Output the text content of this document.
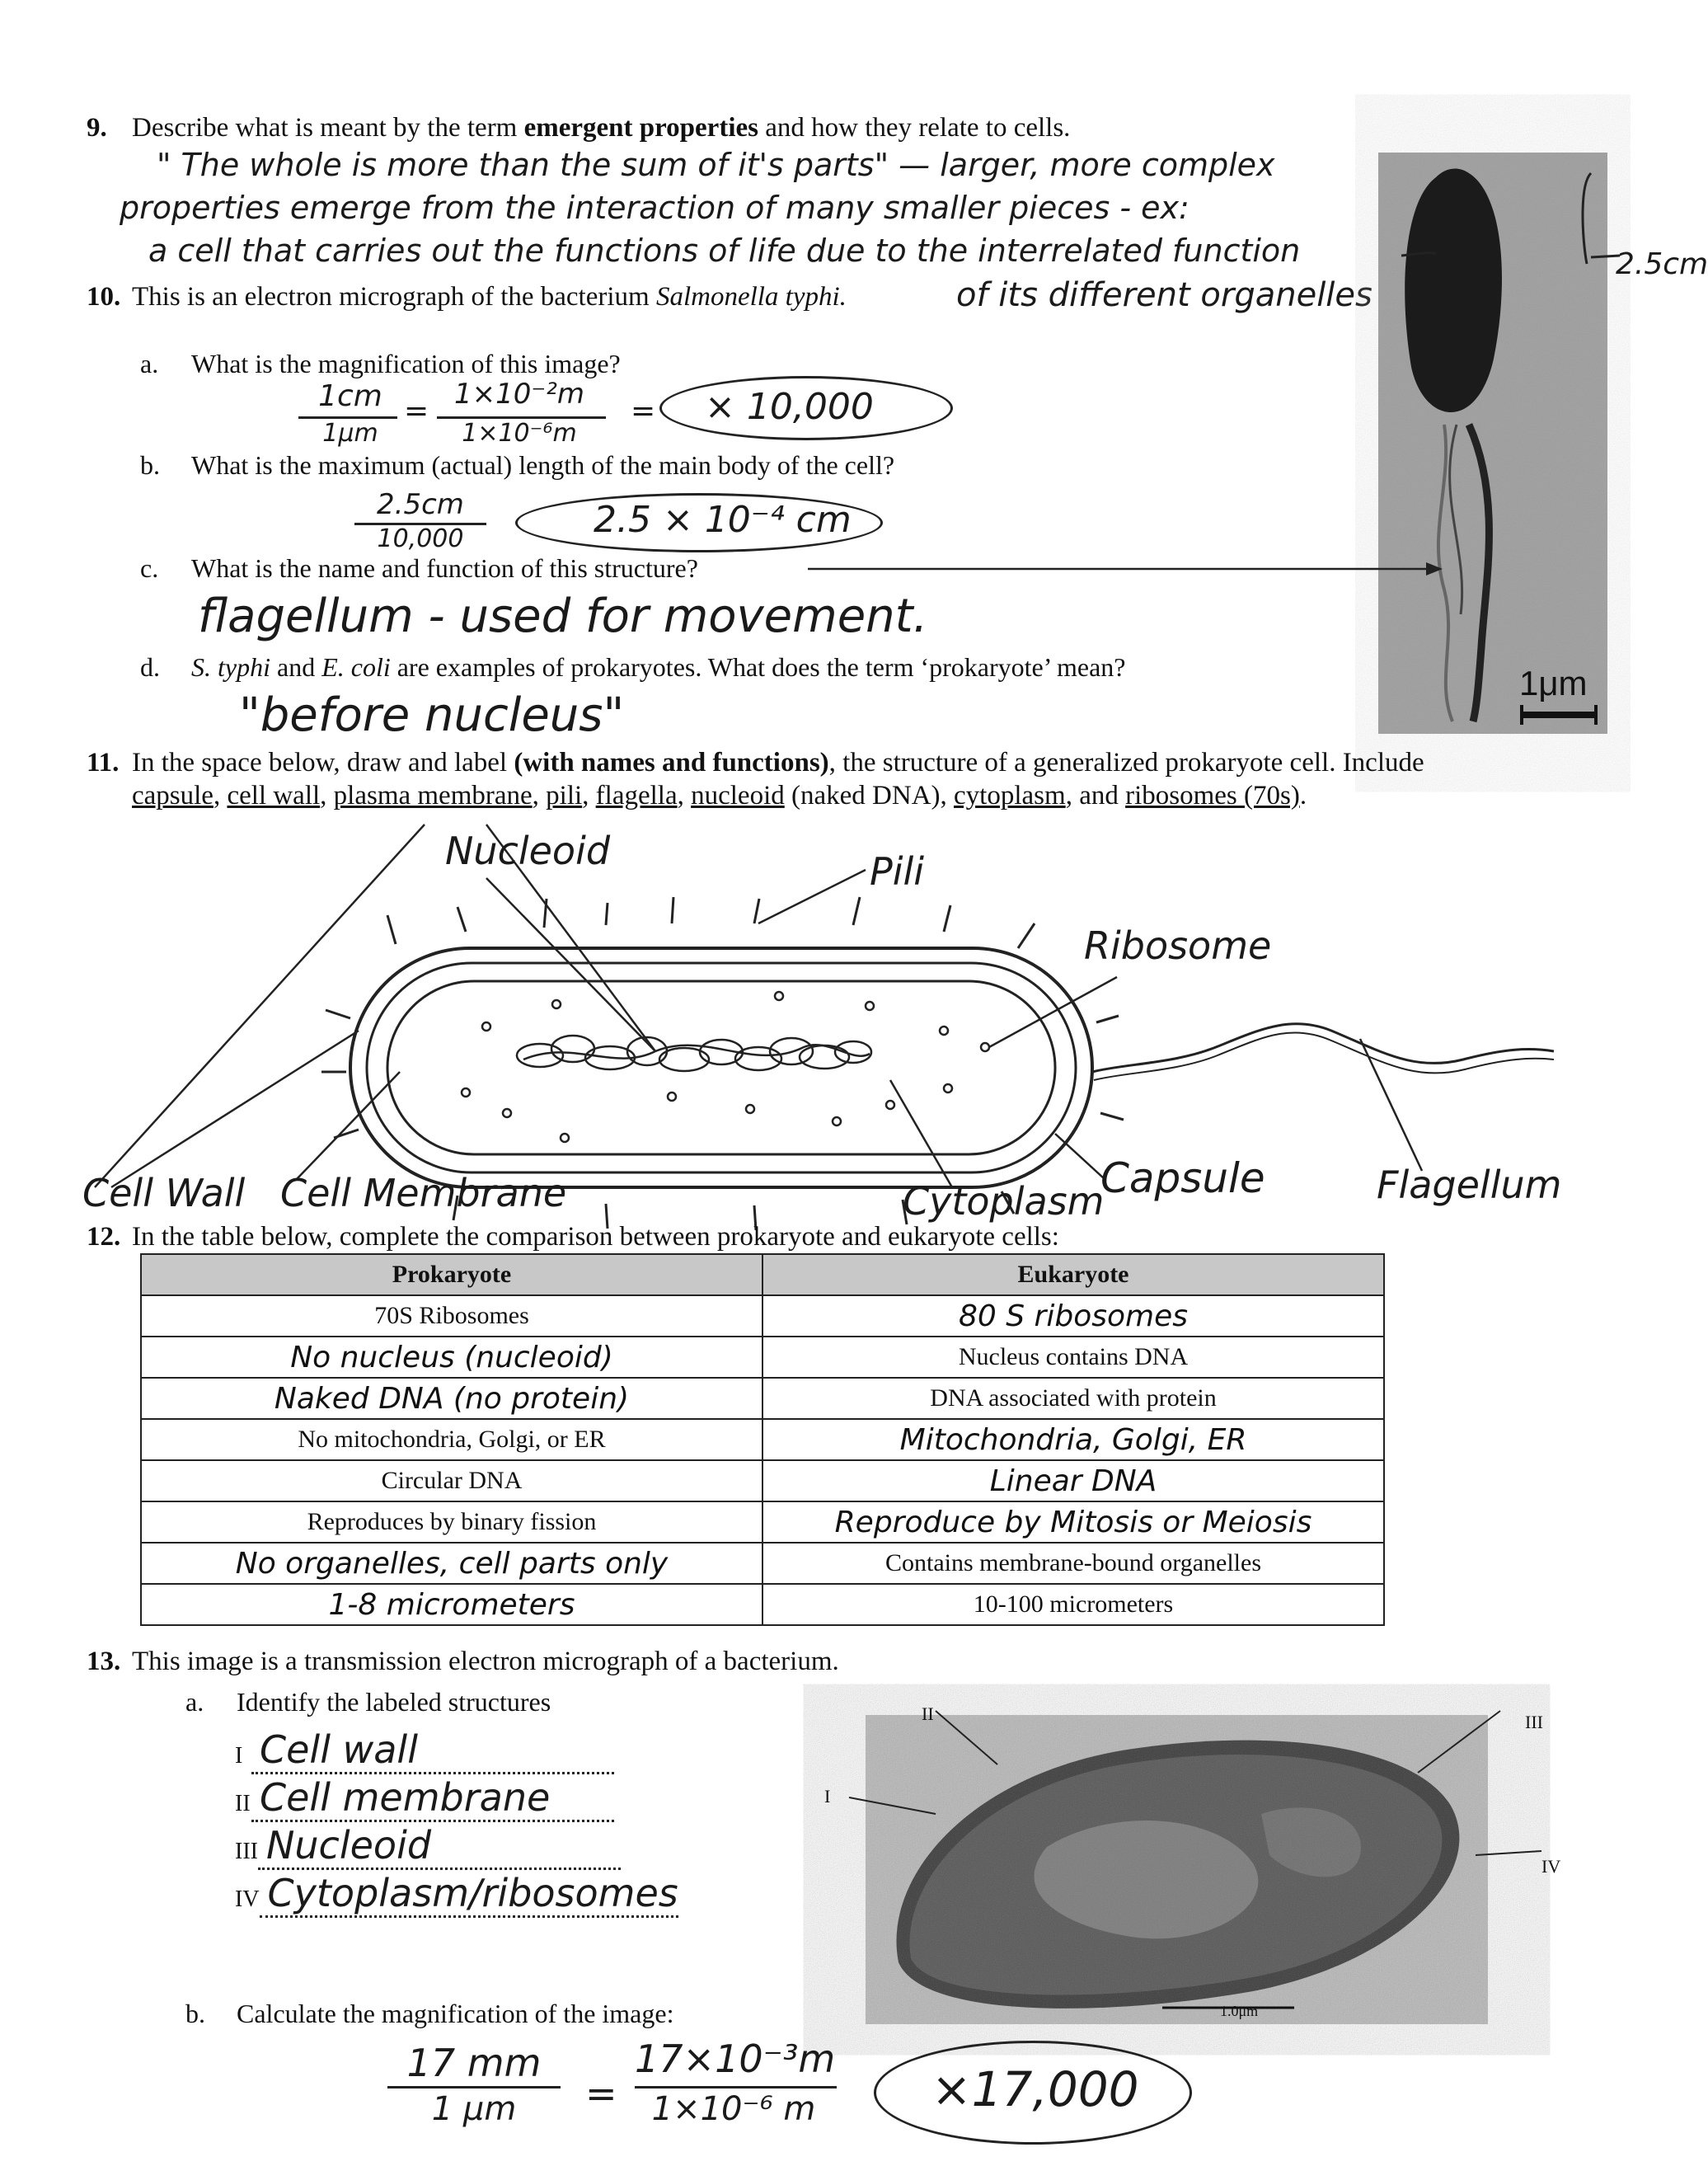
9. Describe what is meant by the term emergent properties and how they relate to cells.
" The whole is more than the sum of it's parts" — larger, more complex
properties emerge from the interaction of many smaller pieces - ex:
a cell that carries out the functions of life due to the interrelated function
10. This is an electron micrograph of the bacterium Salmonella typhi.	of its different organelles
1μm
2.5cm
a. What is the magnification of this image?
1cm
1μm
= 1×10⁻²m
1×10⁻⁶m
= × 10,000
b. What is the maximum (actual) length of the main body of the cell?
2.5cm
10,000	2.5 × 10⁻⁴ cm
c. What is the name and function of this structure?
flagellum - used for movement.
d. S. typhi and E. coli are examples of prokaryotes. What does the term ‘prokaryote’ mean?
"before nucleus"
11. In the space below, draw and label (with names and functions), the structure of a generalized prokaryote cell. Include
capsule, cell wall, plasma membrane, pili, flagella, nucleoid (naked DNA), cytoplasm, and ribosomes (70s).
Nucleoid	Pili
Ribosome
Cell Wall Cell Membrane	Cytoplasm
Capsule	Flagellum
12. In the table below, complete the comparison between prokaryote and eukaryote cells:
Prokaryote	Eukaryote
70S Ribosomes	80 S ribosomes
No nucleus (nucleoid)	Nucleus contains DNA
Naked DNA (no protein)	DNA associated with protein
No mitochondria, Golgi, or ER	Mitochondria, Golgi, ER
Circular DNA	Linear DNA
Reproduces by binary fission	Reproduce by Mitosis or Meiosis
No organelles, cell parts only	Contains membrane-bound organelles
1-8 micrometers	10-100 micrometers
13. This image is a transmission electron micrograph of a bacterium.
a. Identify the labeled structures
I Cell wall
II Cell membrane
III Nucleoid
IV Cytoplasm/ribosomes
I
II	III
IV
1.0μm
b. Calculate the magnification of the image:
17 mm
1 μm	=
17×10⁻³m
1×10⁻⁶ m	×17,000
